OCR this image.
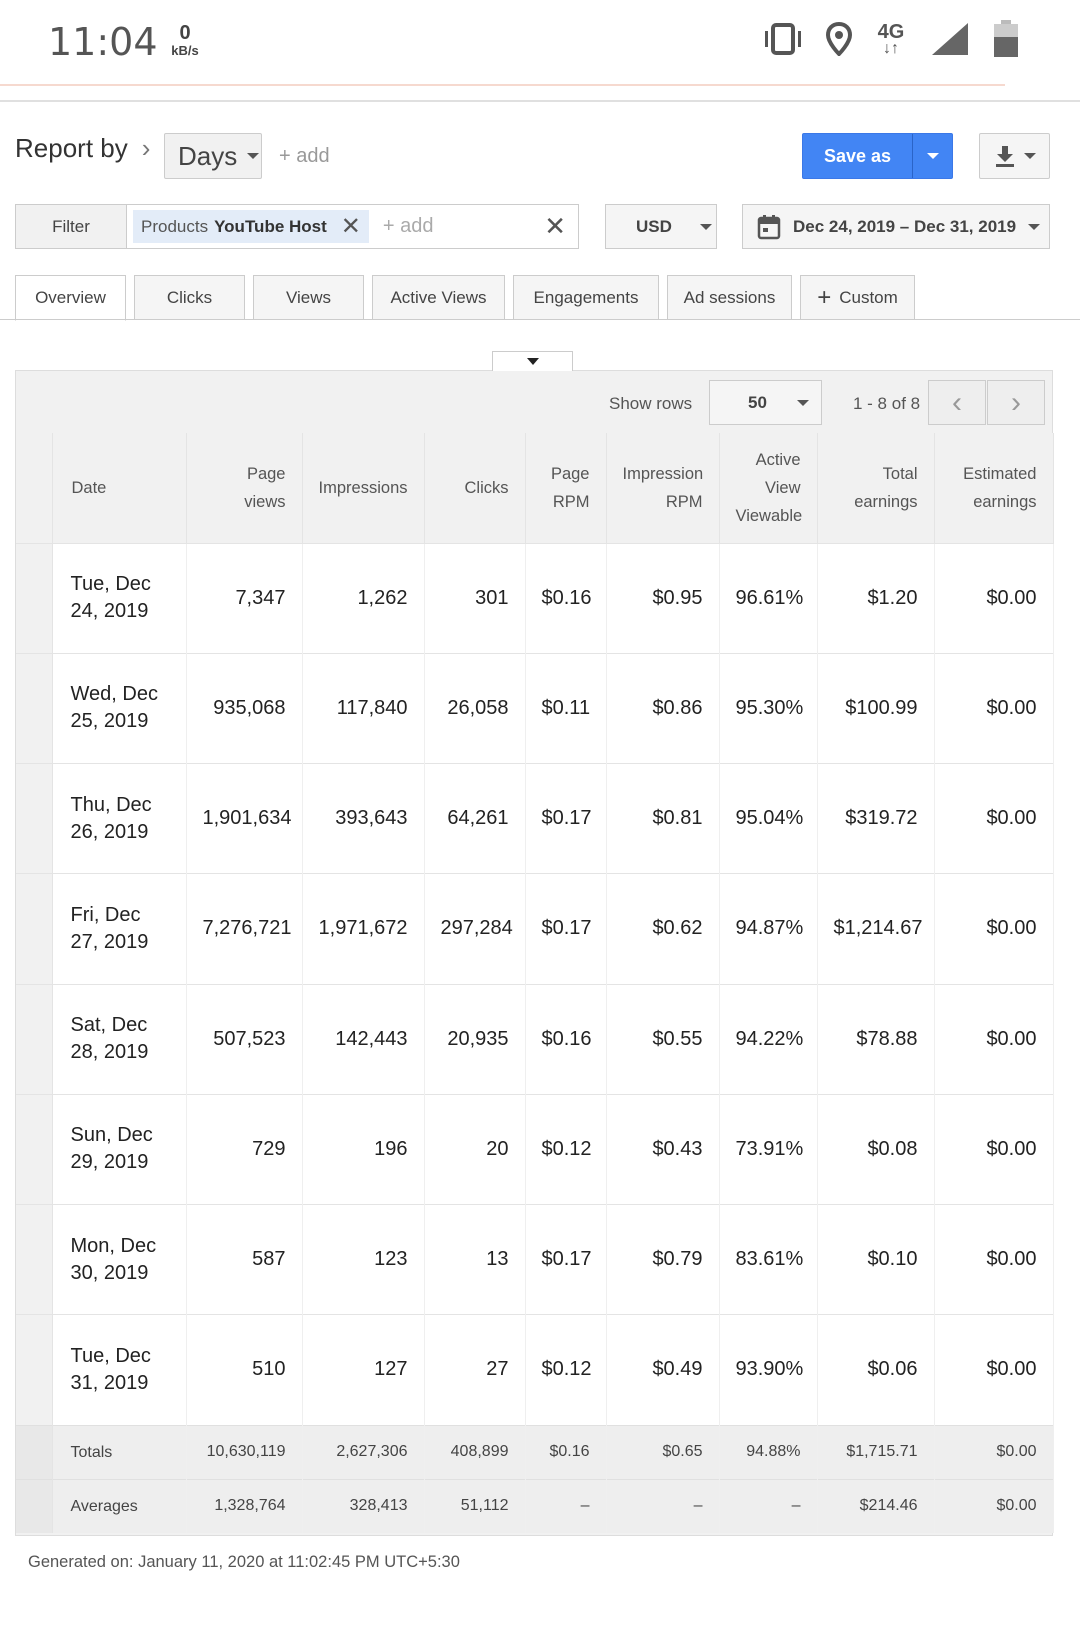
11:04	0
kB/s
4G
↓↑
Report by › Days + add	Save as
Filter	Products YouTube Host ✕ + add	✕	USD	Dec 24, 2019 – Dec 31, 2019
Overview	Clicks	Views	Active Views	Engagements	Ad sessions	+ Custom
Show rows	50	1 - 8 of 8 ‹ ›
	Date	Page views	Impressions	Clicks	Page RPM	Impression RPM	Active View Viewable	Total earnings	Estimated earnings
	Tue, Dec 24, 2019	7,347	1,262	301	$0.16	$0.95	96.61%	$1.20	$0.00
	Wed, Dec 25, 2019	935,068	117,840	26,058	$0.11	$0.86	95.30%	$100.99	$0.00
	Thu, Dec 26, 2019	1,901,634	393,643	64,261	$0.17	$0.81	95.04%	$319.72	$0.00
	Fri, Dec 27, 2019	7,276,721	1,971,672	297,284	$0.17	$0.62	94.87%	$1,214.67	$0.00
	Sat, Dec 28, 2019	507,523	142,443	20,935	$0.16	$0.55	94.22%	$78.88	$0.00
	Sun, Dec 29, 2019	729	196	20	$0.12	$0.43	73.91%	$0.08	$0.00
	Mon, Dec 30, 2019	587	123	13	$0.17	$0.79	83.61%	$0.10	$0.00
	Tue, Dec 31, 2019	510	127	27	$0.12	$0.49	93.90%	$0.06	$0.00
	Totals	10,630,119	2,627,306	408,899	$0.16	$0.65	94.88%	$1,715.71	$0.00
	Averages	1,328,764	328,413	51,112	–	–	–	$214.46	$0.00
Generated on: January 11, 2020 at 11:02:45 PM UTC+5:30
